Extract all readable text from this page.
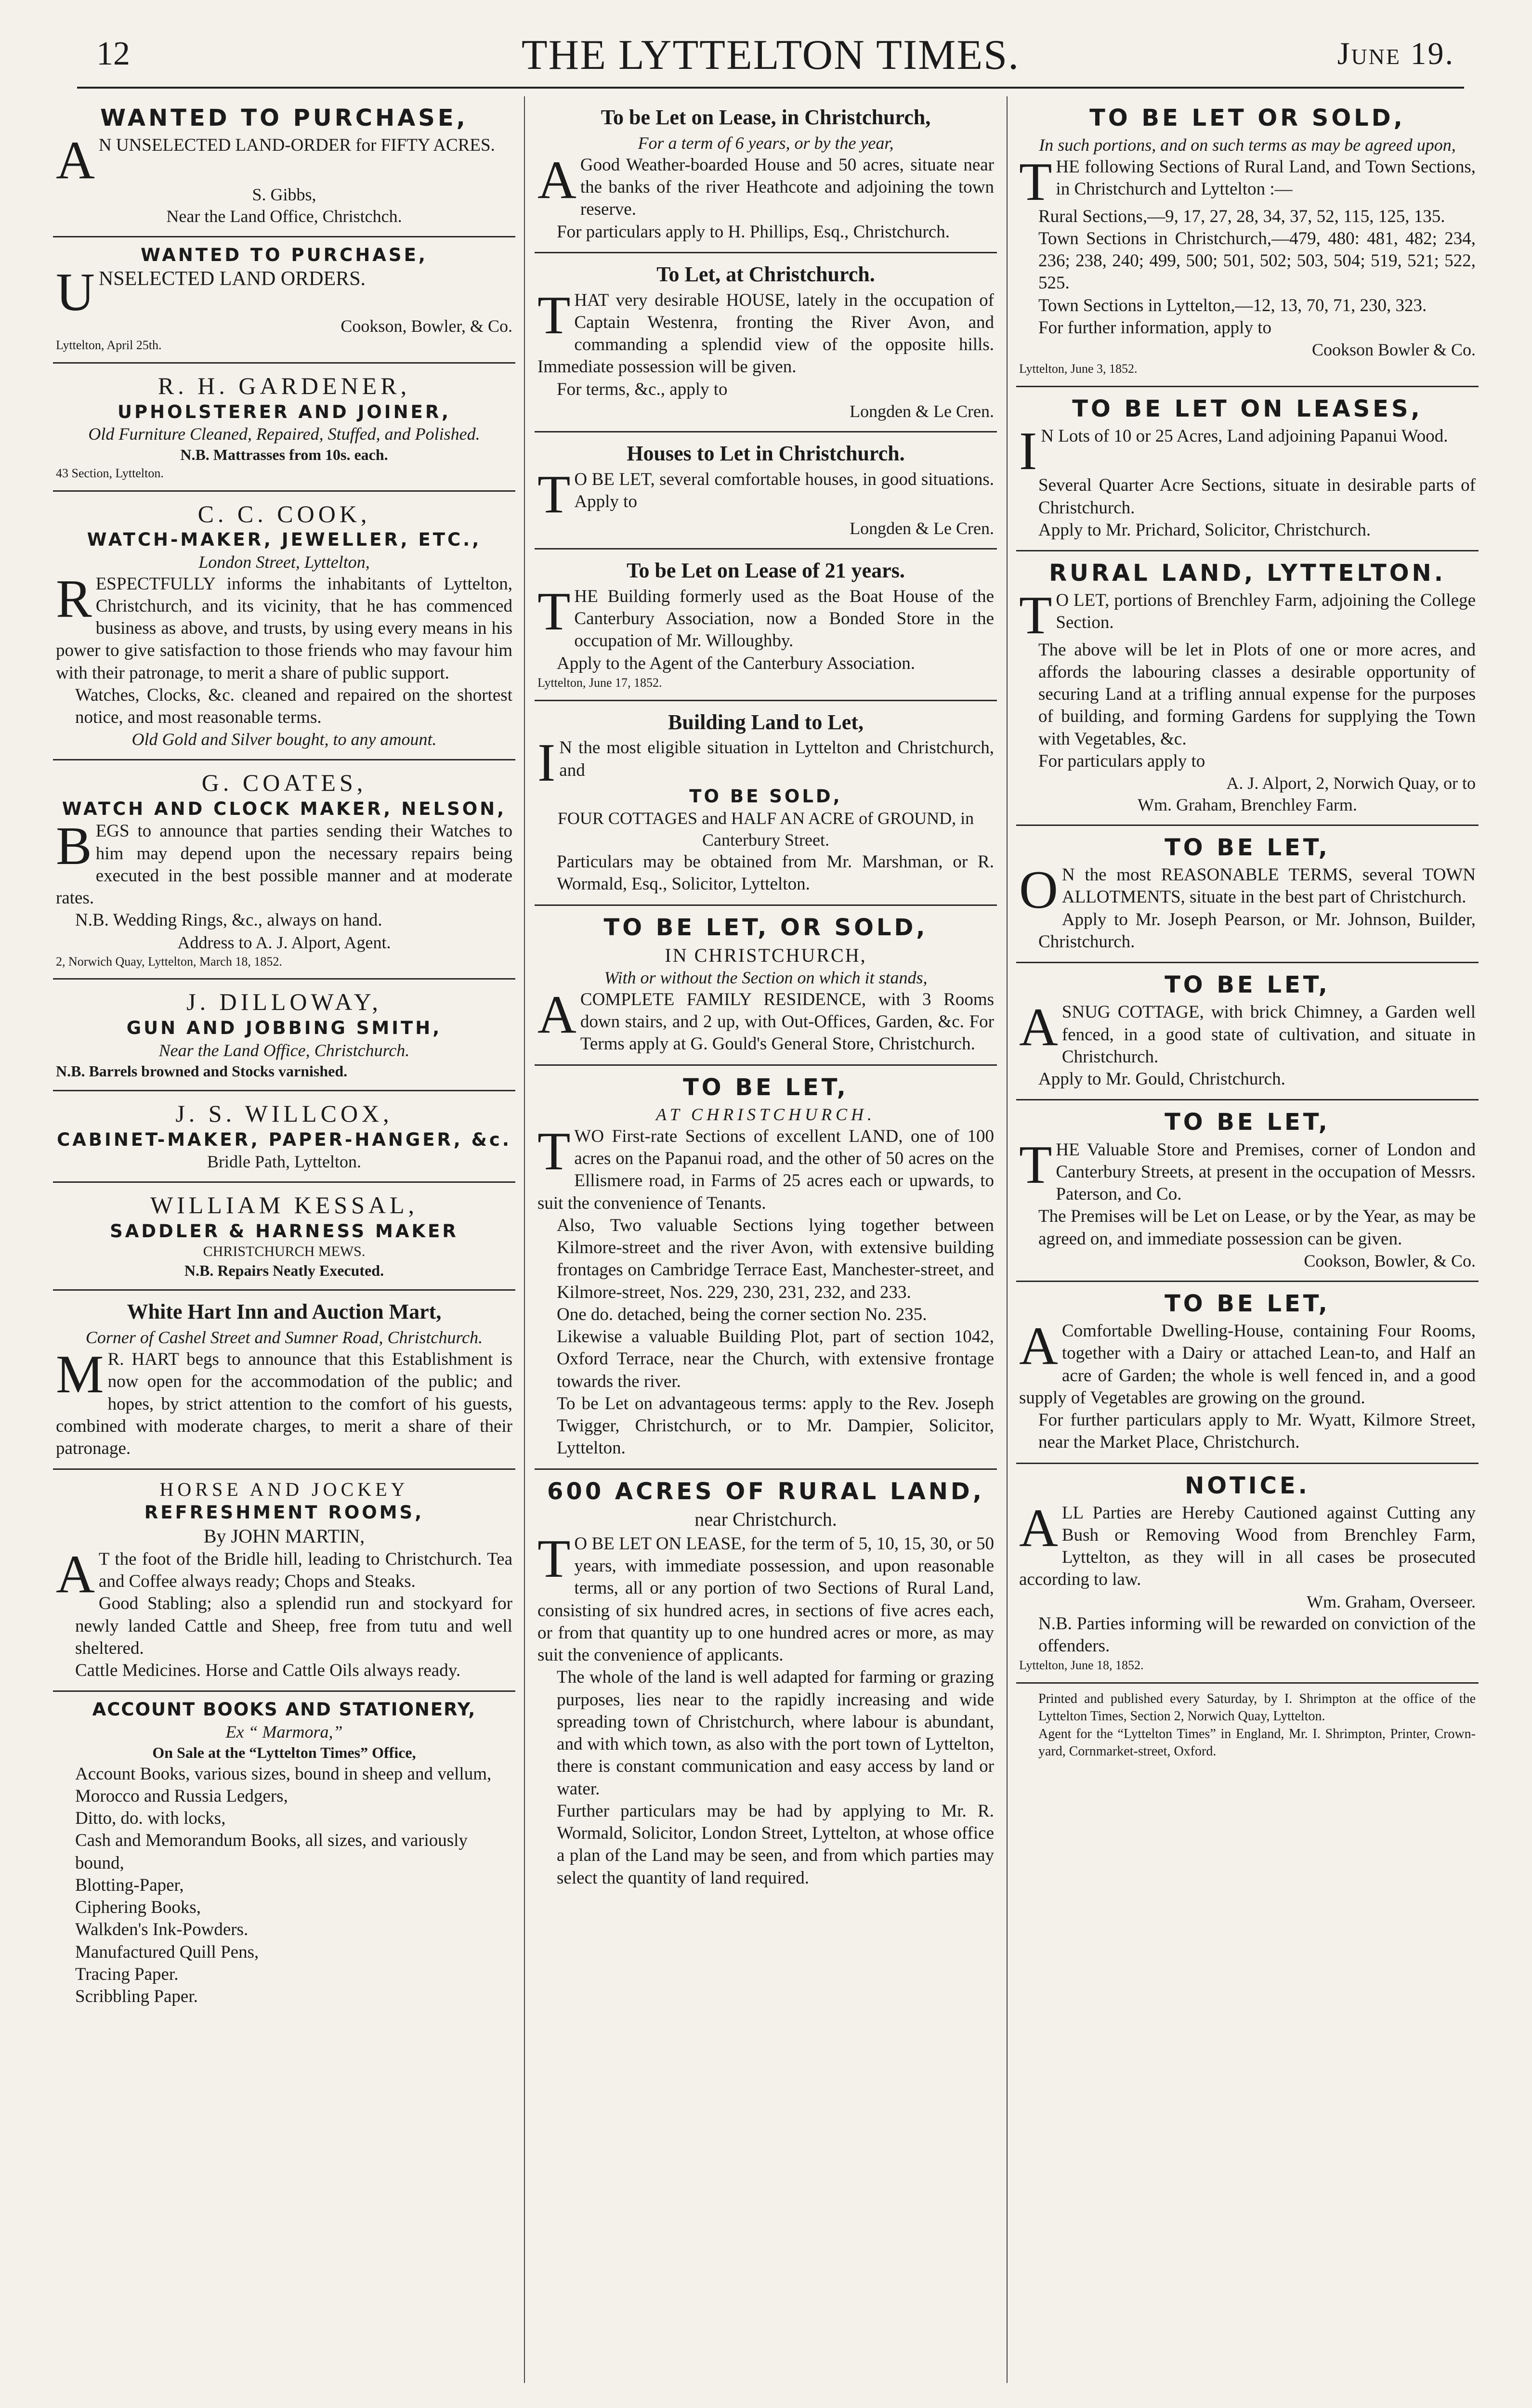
12	THE LYTTELTON TIMES.	June 19.
WANTED TO PURCHASE,

A N UNSELECTED LAND-ORDER for FIFTY ACRES.

S. Gibbs,
Near the Land Office, Christchch.
WANTED TO PURCHASE,

UNSELECTED LAND ORDERS.

Cookson, Bowler, & Co.
Lyttelton, April 25th.
R. H. GARDENER,
UPHOLSTERER AND JOINER,
Old Furniture Cleaned, Repaired, Stuffed, and Polished.
N.B. Mattrasses from 10s. each.
43 Section, Lyttelton.
C. C. COOK,
WATCH-MAKER, JEWELLER, ETC.,
London Street, Lyttelton,

RESPECTFULLY informs the inhabitants of Lyttelton, Christchurch, and its vicinity, that he has commenced business as above, and trusts, by using every means in his power to give satisfaction to those friends who may favour him with their patronage, to merit a share of public support.

Watches, Clocks, &c. cleaned and repaired on the shortest notice, and most reasonable terms.

Old Gold and Silver bought, to any amount.
G. COATES,
WATCH AND CLOCK MAKER, NELSON,

BEGS to announce that parties sending their Watches to him may depend upon the necessary repairs being executed in the best possible manner and at moderate rates.

N.B. Wedding Rings, &c., always on hand.

Address to A. J. Alport, Agent.
2, Norwich Quay, Lyttelton, March 18, 1852.
J. DILLOWAY,
GUN AND JOBBING SMITH,
Near the Land Office, Christchurch.
N.B. Barrels browned and Stocks varnished.
J. S. WILLCOX,
CABINET-MAKER, PAPER-HANGER, &c.
Bridle Path, Lyttelton.
WILLIAM KESSAL,
SADDLER & HARNESS MAKER
CHRISTCHURCH MEWS.
N.B. Repairs Neatly Executed.
White Hart Inn and Auction Mart,
Corner of Cashel Street and Sumner Road, Christchurch.

M R. HART begs to announce that this Establishment is now open for the accommodation of the public; and hopes, by strict attention to the comfort of his guests, combined with moderate charges, to merit a share of their patronage.

HORSE AND JOCKEY
REFRESHMENT ROOMS,
By JOHN MARTIN,

A T the foot of the Bridle hill, leading to Christchurch. Tea and Coffee always ready; Chops and Steaks.

Good Stabling; also a splendid run and stockyard for newly landed Cattle and Sheep, free from tutu and well sheltered.

Cattle Medicines. Horse and Cattle Oils always ready.

ACCOUNT BOOKS AND STATIONERY,
Ex “ Marmora,”
On Sale at the “Lyttelton Times” Office,

Account Books, various sizes, bound in sheep and vellum,

Morocco and Russia Ledgers,

Ditto, do. with locks,

Cash and Memorandum Books, all sizes, and variously bound,

Blotting-Paper,

Ciphering Books,

Walkden's Ink-Powders.

Manufactured Quill Pens,

Tracing Paper.

Scribbling Paper.

To be Let on Lease, in Christchurch,
For a term of 6 years, or by the year,

A Good Weather-boarded House and 50 acres, situate near the banks of the river Heathcote and adjoining the town reserve.

For particulars apply to H. Phillips, Esq., Christchurch.

To Let, at Christchurch.

THAT very desirable HOUSE, lately in the occupation of Captain Westenra, fronting the River Avon, and commanding a splendid view of the opposite hills. Immediate possession will be given.

For terms, &c., apply to

Longden & Le Cren.
Houses to Let in Christchurch.

T O BE LET, several comfortable houses, in good situations. Apply to

Longden & Le Cren.
To be Let on Lease of 21 years.

THE Building formerly used as the Boat House of the Canterbury Association, now a Bonded Store in the occupation of Mr. Willoughby.

Apply to the Agent of the Canterbury Association.

Lyttelton, June 17, 1852.
Building Land to Let,

I N the most eligible situation in Lyttelton and Christchurch, and

TO BE SOLD,
FOUR COTTAGES and HALF AN ACRE of GROUND, in Canterbury Street.

Particulars may be obtained from Mr. Marshman, or R. Wormald, Esq., Solicitor, Lyttelton.

TO BE LET, OR SOLD,
IN CHRISTCHURCH,
With or without the Section on which it stands,

ACOMPLETE FAMILY RESIDENCE, with 3 Rooms down stairs, and 2 up, with Out-Offices, Garden, &c. For Terms apply at G. Gould's General Store, Christchurch.

TO BE LET,
AT CHRISTCHURCH.

TWO First-rate Sections of excellent LAND, one of 100 acres on the Papanui road, and the other of 50 acres on the Ellismere road, in Farms of 25 acres each or upwards, to suit the convenience of Tenants.

Also, Two valuable Sections lying together between Kilmore-street and the river Avon, with extensive building frontages on Cambridge Terrace East, Manchester-street, and Kilmore-street, Nos. 229, 230, 231, 232, and 233.

One do. detached, being the corner section No. 235.

Likewise a valuable Building Plot, part of section 1042, Oxford Terrace, near the Church, with extensive frontage towards the river.

To be Let on advantageous terms: apply to the Rev. Joseph Twigger, Christchurch, or to Mr. Dampier, Solicitor, Lyttelton.

600 ACRES OF RURAL LAND,
near Christchurch.

T O BE LET ON LEASE, for the term of 5, 10, 15, 30, or 50 years, with immediate possession, and upon reasonable terms, all or any portion of two Sections of Rural Land, consisting of six hundred acres, in sections of five acres each, or from that quantity up to one hundred acres or more, as may suit the convenience of applicants.

The whole of the land is well adapted for farming or grazing purposes, lies near to the rapidly increasing and wide spreading town of Christchurch, where labour is abundant, and with which town, as also with the port town of Lyttelton, there is constant communication and easy access by land or water.

Further particulars may be had by applying to Mr. R. Wormald, Solicitor, London Street, Lyttelton, at whose office a plan of the Land may be seen, and from which parties may select the quantity of land required.

TO BE LET OR SOLD,
In such portions, and on such terms as may be agreed upon,

THE following Sections of Rural Land, and Town Sections, in Christchurch and Lyttelton :—

Rural Sections,—9, 17, 27, 28, 34, 37, 52, 115, 125, 135.

Town Sections in Christchurch,—479, 480: 481, 482; 234, 236; 238, 240; 499, 500; 501, 502; 503, 504; 519, 521; 522, 525.

Town Sections in Lyttelton,—12, 13, 70, 71, 230, 323.

For further information, apply to

Cookson Bowler & Co.
Lyttelton, June 3, 1852.
TO BE LET ON LEASES,

I N Lots of 10 or 25 Acres, Land adjoining Papanui Wood.

Several Quarter Acre Sections, situate in desirable parts of Christchurch.

Apply to Mr. Prichard, Solicitor, Christchurch.

RURAL LAND, LYTTELTON.

T O LET, portions of Brenchley Farm, adjoining the College Section.

The above will be let in Plots of one or more acres, and affords the labouring classes a desirable opportunity of securing Land at a trifling annual expense for the purposes of building, and forming Gardens for supplying the Town with Vegetables, &c.

For particulars apply to

A. J. Alport, 2, Norwich Quay, or to
Wm. Graham, Brenchley Farm.
TO BE LET,

O N the most REASONABLE TERMS, several TOWN ALLOTMENTS, situate in the best part of Christchurch.

Apply to Mr. Joseph Pearson, or Mr. Johnson, Builder, Christchurch.

TO BE LET,

ASNUG COTTAGE, with brick Chimney, a Garden well fenced, in a good state of cultivation, and situate in Christchurch.

Apply to Mr. Gould, Christchurch.

TO BE LET,

THE Valuable Store and Premises, corner of London and Canterbury Streets, at present in the occupation of Messrs. Paterson, and Co.

The Premises will be Let on Lease, or by the Year, as may be agreed on, and immediate possession can be given.

Cookson, Bowler, & Co.
TO BE LET,

A Comfortable Dwelling-House, containing Four Rooms, together with a Dairy or attached Lean-to, and Half an acre of Garden; the whole is well fenced in, and a good supply of Vegetables are growing on the ground.

For further particulars apply to Mr. Wyatt, Kilmore Street, near the Market Place, Christchurch.

NOTICE.

ALL Parties are Hereby Cautioned against Cutting any Bush or Removing Wood from Brenchley Farm, Lyttelton, as they will in all cases be prosecuted according to law.

Wm. Graham, Overseer.

N.B. Parties informing will be rewarded on conviction of the offenders.

Lyttelton, June 18, 1852.

Printed and published every Saturday, by I. Shrimpton at the office of the Lyttelton Times, Section 2, Norwich Quay, Lyttelton.

Agent for the “Lyttelton Times” in England, Mr. I. Shrimpton, Printer, Crown-yard, Cornmarket-street, Oxford.
